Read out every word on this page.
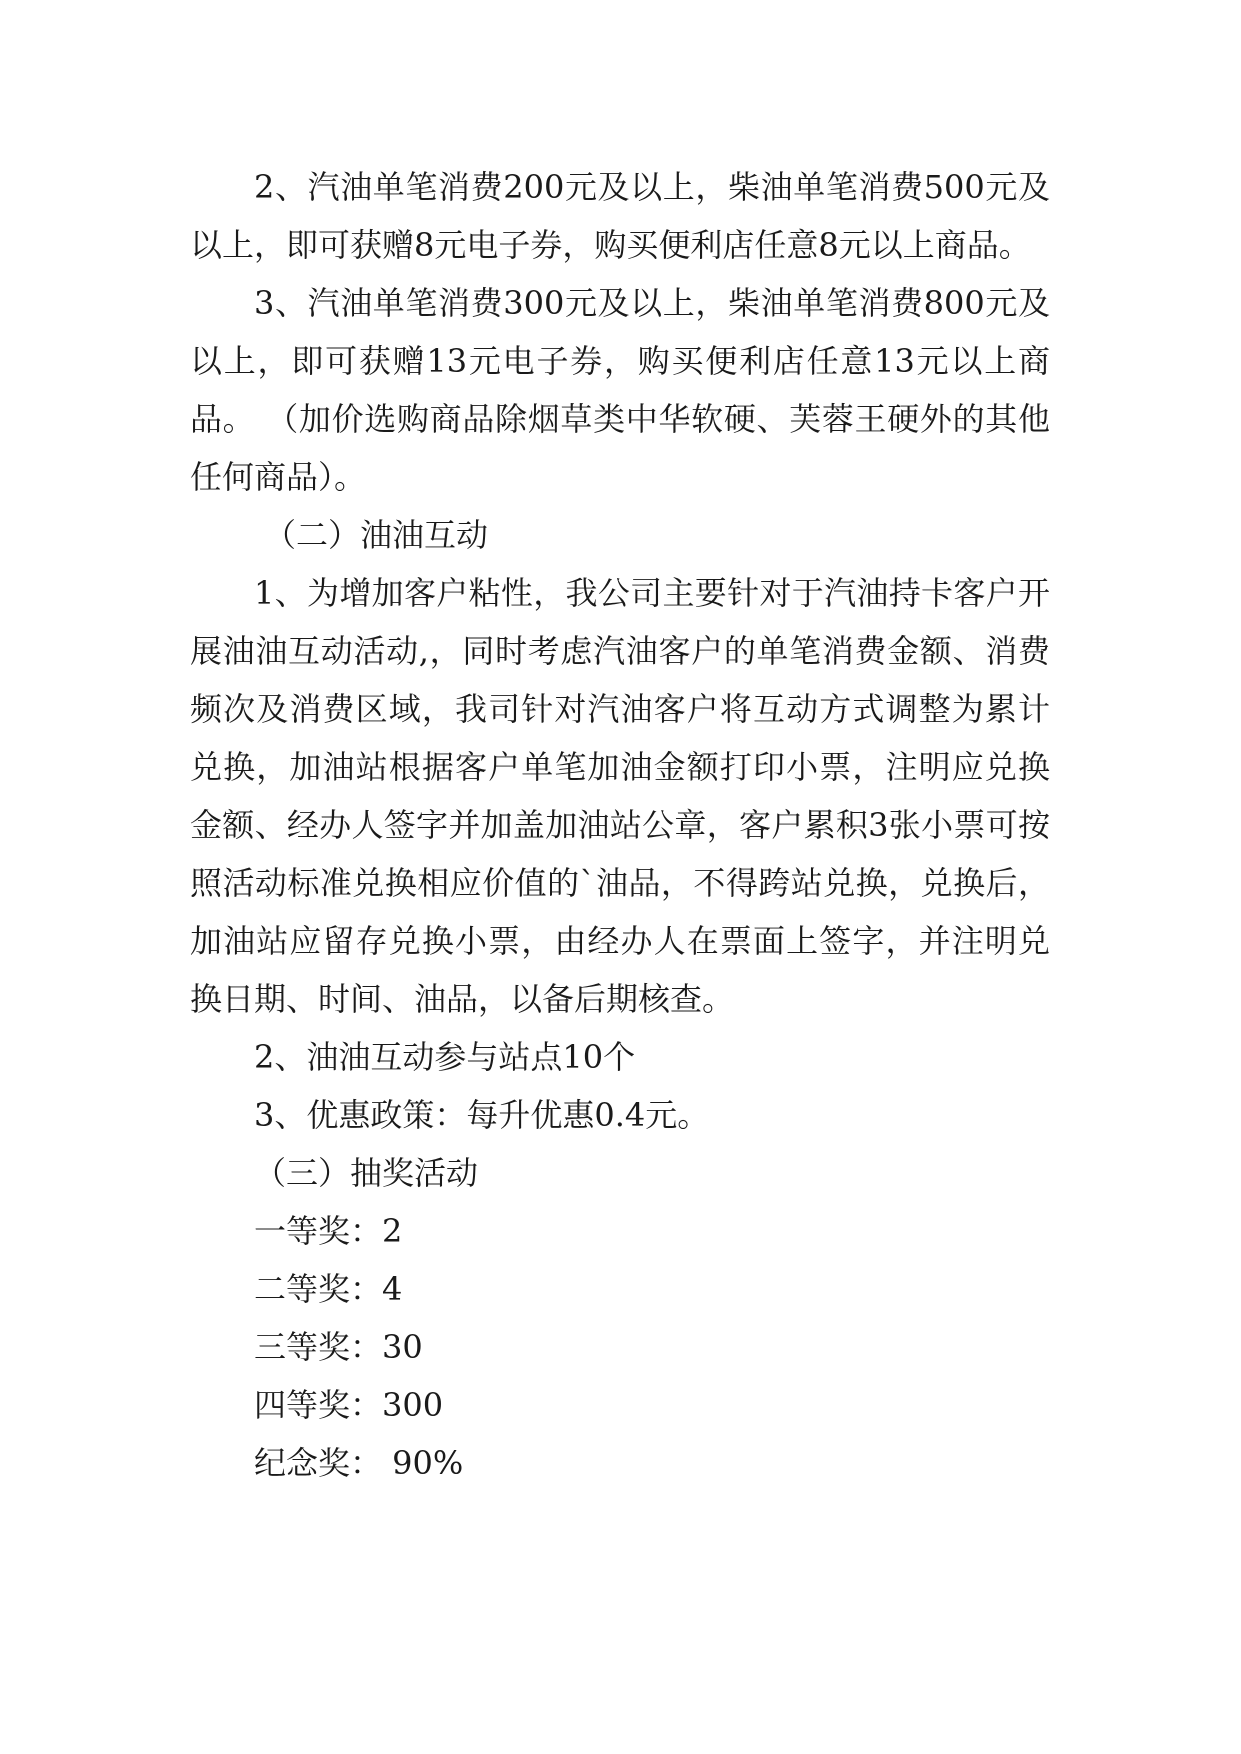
2、汽油单笔消费200元及以上，柴油单笔消费500元及以上，即可获赠8元电子券，购买便利店任意8元以上商品。

3、汽油单笔消费300元及以上，柴油单笔消费800元及以上，即可获赠13元电子券，购买便利店任意13元以上商品。 （加价选购商品除烟草类中华软硬、芙蓉王硬外的其他任何商品）。

（二）油油互动

1、为增加客户粘性，我公司主要针对于汽油持卡客户开展油油互动活动,，同时考虑汽油客户的单笔消费金额、消费频次及消费区域，我司针对汽油客户将互动方式调整为累计兑换，加油站根据客户单笔加油金额打印小票，注明应兑换金额、经办人签字并加盖加油站公章，客户累积3张小票可按照活动标准兑换相应价值的`油品，不得跨站兑换，兑换后，加油站应留存兑换小票，由经办人在票面上签字，并注明兑换日期、时间、油品，以备后期核查。

2、油油互动参与站点10个

3、优惠政策：每升优惠0.4元。

（三）抽奖活动

一等奖：2

二等奖：4

三等奖：30

四等奖：300

纪念奖： 90%
